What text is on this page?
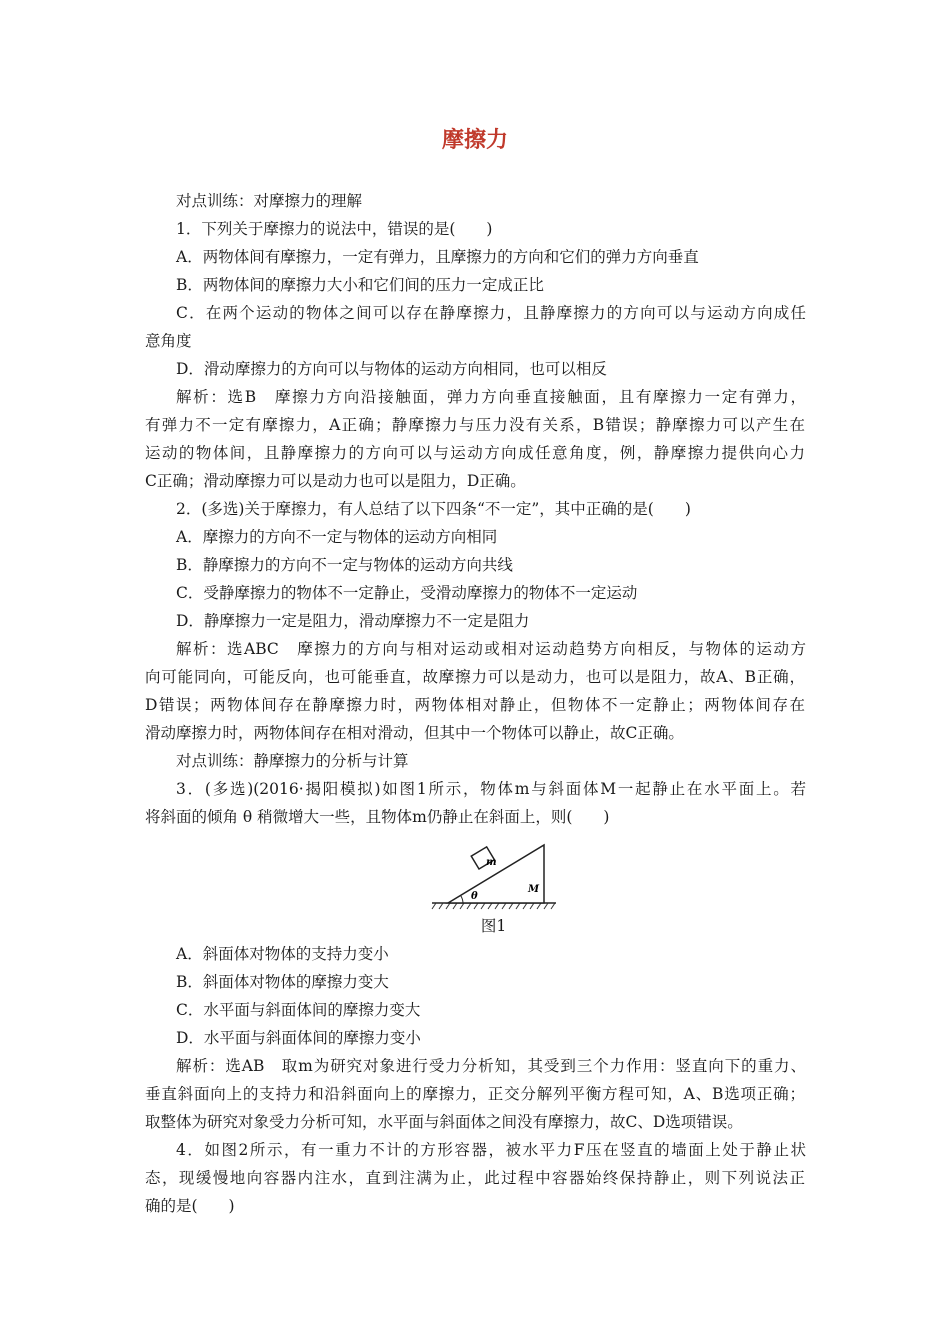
摩擦力
对点训练：对摩擦力的理解
1．下列关于摩擦力的说法中，错误的是(　　)
A．两物体间有摩擦力，一定有弹力，且摩擦力的方向和它们的弹力方向垂直
B．两物体间的摩擦力大小和它们间的压力一定成正比
C．在两个运动的物体之间可以存在静摩擦力，且静摩擦力的方向可以与运动方向成任
意角度
D．滑动摩擦力的方向可以与物体的运动方向相同，也可以相反
解析：选B　摩擦力方向沿接触面，弹力方向垂直接触面，且有摩擦力一定有弹力，
有弹力不一定有摩擦力，A正确；静摩擦力与压力没有关系，B错误；静摩擦力可以产生在
运动的物体间，且静摩擦力的方向可以与运动方向成任意角度，例，静摩擦力提供向心力
C正确；滑动摩擦力可以是动力也可以是阻力，D正确。
2．(多选)关于摩擦力，有人总结了以下四条“不一定”，其中正确的是(　　)
A．摩擦力的方向不一定与物体的运动方向相同
B．静摩擦力的方向不一定与物体的运动方向共线
C．受静摩擦力的物体不一定静止，受滑动摩擦力的物体不一定运动
D．静摩擦力一定是阻力，滑动摩擦力不一定是阻力
解析：选ABC　摩擦力的方向与相对运动或相对运动趋势方向相反，与物体的运动方
向可能同向，可能反向，也可能垂直，故摩擦力可以是动力，也可以是阻力，故A、B正确，
D错误；两物体间存在静摩擦力时，两物体相对静止，但物体不一定静止；两物体间存在
滑动摩擦力时，两物体间存在相对滑动，但其中一个物体可以静止，故C正确。
对点训练：静摩擦力的分析与计算
3．(多选)(2016·揭阳模拟)如图1所示，物体m与斜面体M一起静止在水平面上。若
将斜面的倾角 θ 稍微增大一些，且物体m仍静止在斜面上，则(　　)
m
θ
M
图1
A．斜面体对物体的支持力变小
B．斜面体对物体的摩擦力变大
C．水平面与斜面体间的摩擦力变大
D．水平面与斜面体间的摩擦力变小
解析：选AB　取m为研究对象进行受力分析知，其受到三个力作用：竖直向下的重力、
垂直斜面向上的支持力和沿斜面向上的摩擦力，正交分解列平衡方程可知，A、B选项正确；
取整体为研究对象受力分析可知，水平面与斜面体之间没有摩擦力，故C、D选项错误。
4．如图2所示，有一重力不计的方形容器，被水平力F压在竖直的墙面上处于静止状
态，现缓慢地向容器内注水，直到注满为止，此过程中容器始终保持静止，则下列说法正
确的是(　　)
